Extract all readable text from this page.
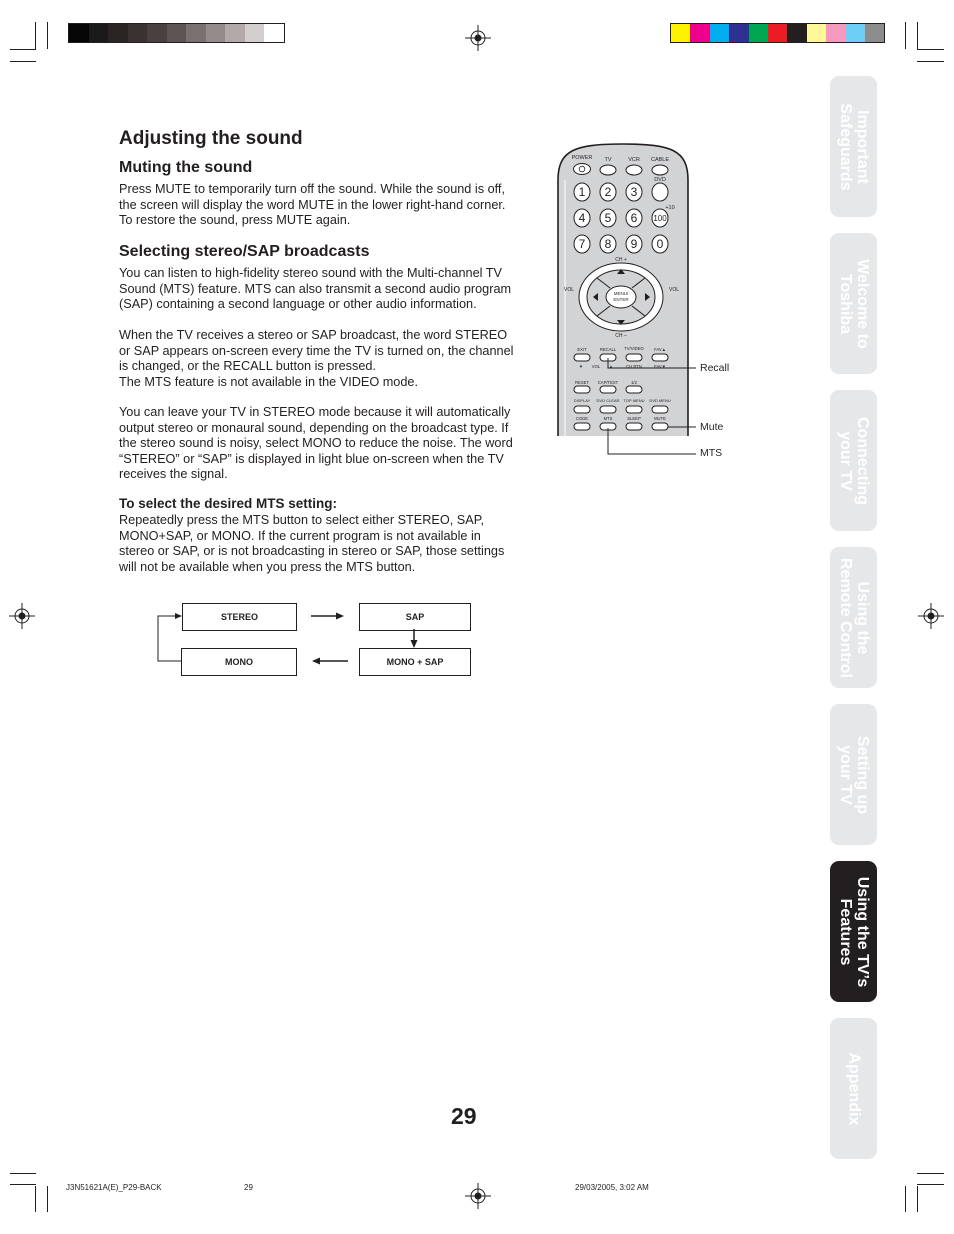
Adjusting the sound
Muting the sound

Press MUTE to temporarily turn off the sound. While the sound is off,
the screen will display the word MUTE in the lower right-hand corner.
To restore the sound, press MUTE again.

Selecting stereo/SAP broadcasts

You can listen to high-fidelity stereo sound with the Multi-channel TV
Sound (MTS) feature. MTS can also transmit a second audio program
(SAP) containing a second language or other audio information.

When the TV receives a stereo or SAP broadcast, the word STEREO
or SAP appears on-screen every time the TV is turned on, the channel
is changed, or the RECALL button is pressed.
The MTS feature is not available in the VIDEO mode.

You can leave your TV in STEREO mode because it will automatically
output stereo or monaural sound, depending on the broadcast type. If
the stereo sound is noisy, select MONO to reduce the noise. The word
“STEREO” or “SAP” is displayed in light blue on-screen when the TV
receives the signal.

To select the desired MTS setting:

Repeatedly press the MTS button to select either STEREO, SAP,
MONO+SAP, or MONO. If the current program is not available in
stereo or SAP, or is not broadcasting in stereo or SAP, those settings
will not be available when you press the MTS button.

STEREO	SAP
MONO	MONO + SAP
POWER TV	VCR CABLE
DVD
1 2 3
4 5 6 100
+10
7 8 9 0
CH +
CH –
VOL	VOL
MENU/
ENTER
EXIT	RECALL TV/VIDEO FAV▲
▼ VOL ▲	CH RTN	FAV▼
RESET CAP/TEXT	1/2
DISPLAY DVD CLEAR TOP MENU DVD MENU
CODE	MTS	SLEEP	MUTE
Recall
Mute
MTS
Important
Safeguards
Welcome to
Toshiba
Connecting
your TV
Using the
Remote Control
Setting up
your TV
Using the TV’s
Features
Appendix
29
J3N51621A(E)_P29-BACK	29	29/03/2005, 3:02 AM
